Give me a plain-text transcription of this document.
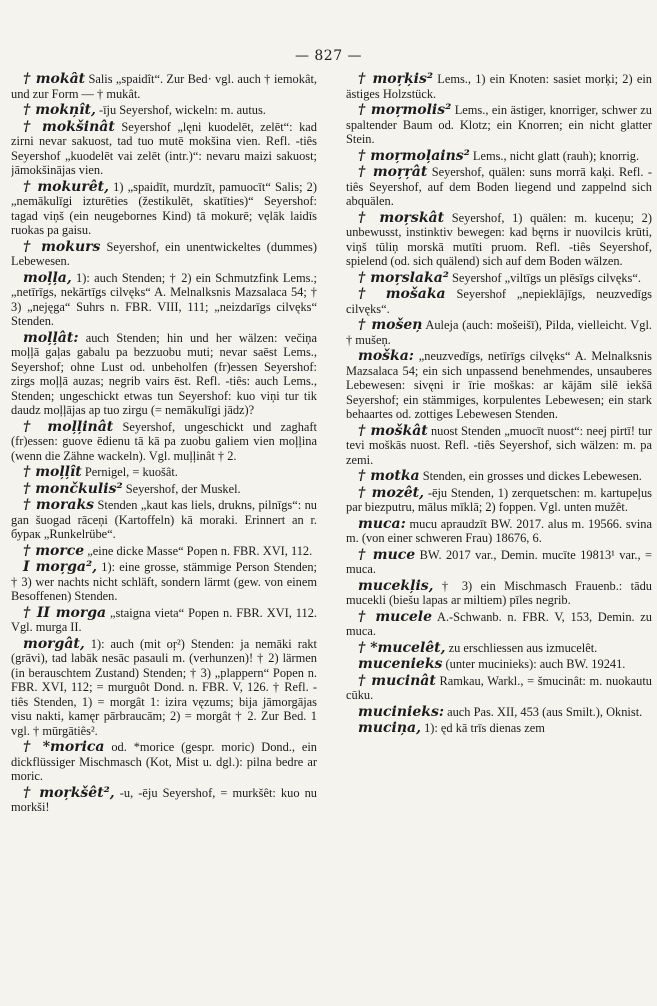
— 827 —

† mokât Salis „spaidît“. Zur Bed· vgl. auch † iemokât, und zur Form — † mukât.

† mokņît, -īju Seyershof, wickeln: m. autus.

† mokšinât Seyershof „lęni kuodelēt, zelēt“: kad zirni nevar sakuost, tad tuo mutē mokšina vien. Refl. -tiês Seyershof „kuodelēt vai zelēt (intr.)“: nevaru maizi sakuost; jāmokšinājas vien.

† mokurêt, 1) „spaidīt, murdzīt, pamuocīt“ Salis; 2) „nemākulīgi izturēties (žestikulēt, skatīties)“ Seyershof: tagad viņš (ein neugebornes Kind) tā mokurē; vęlāk laidīs ruokas pa gaisu.

† mokurs Seyershof, ein unentwickeltes (dummes) Lebewesen.

moļļa, 1): auch Stenden; † 2) ein Schmutzfink Lems.; „netīrīgs, nekārtīgs cilvęks“ A. Melnalksnis Mazsalaca 54; † 3) „nejęga“ Suhrs n. FBR. VIII, 111; „neizdarīgs cilvęks“ Stenden.

moļļât: auch Stenden; hin und her wälzen: večiņa moļļā gaļas gabalu pa bezzuobu muti; nevar saēst Lems., Seyershof; ohne Lust od. unbeholfen (fr)essen Seyershof: zirgs moļļā auzas; negrib vairs ēst. Refl. -tiês: auch Lems., Stenden; ungeschickt etwas tun Seyershof: kuo viņi tur tik daudz moļļājas ap tuo zirgu (= nemākulīgi jādz)?

† moļļinât Seyershof, ungeschickt und zaghaft (fr)essen: guove ēdienu tā kā pa zuobu galiem vien moļļina (wenn die Zähne wackeln). Vgl. muļļinât † 2.

† moļļît Pernigel, = kuošât.

† mončkulis² Seyershof, der Muskel.

† moraks Stenden „kaut kas liels, drukns, pilnīgs“: nu gan šuogad rāceņi (Kartoffeln) kā moraki. Erinnert an r. бурак „Runkelrübe“.

† morce „eine dicke Masse“ Popen n. FBR. XVI, 112.

I moŗga², 1): eine grosse, stämmige Person Stenden; † 3) wer nachts nicht schläft, sondern lärmt (gew. von einem Besoffenen) Stenden.

† II morga „staigna vieta“ Popen n. FBR. XVI, 112. Vgl. murga II.

morgât, 1): auch (mit oŗ²) Stenden: ja nemāki rakt (grāvi), tad labāk nesāc pasauli m. (verhunzen)! † 2) lärmen (in berauschtem Zustand) Stenden; † 3) „plappern“ Popen n. FBR. XVI, 112; = murguôt Dond. n. FBR. V, 126. † Refl. -tiês Stenden, 1) = morgât 1: izira vęzums; bija jāmorgājas visu nakti, kamęr pārbraucām; 2) = morgât † 2. Zur Bed. 1 vgl. † mūrgātiês².

† *morica od. *morice (gespr. moric) Dond., ein dickflüssiger Mischmasch (Kot, Mist u. dgl.): pilna bedre ar moric.

† moŗkšêt², -u, -ēju Seyershof, = murkšêt: kuo nu morkši!

† moŗķis² Lems., 1) ein Knoten: sasiet morķi; 2) ein ästiges Holzstück.

† moŗmolis² Lems., ein ästiger, knorriger, schwer zu spaltender Baum od. Klotz; ein Knorren; ein nicht glatter Stein.

† moŗmoļains² Lems., nicht glatt (rauh); knorrig.

† moŗŗât Seyershof, quälen: suns morrā kaķi. Refl. -tiês Seyershof, auf dem Boden liegend und zappelnd sich abquälen.

† moŗskât Seyershof, 1) quälen: m. kuceņu; 2) unbewusst, instinktiv bewegen: kad bęrns ir nuovilcis krūti, viņš tūliņ morskā mutīti pruom. Refl. -tiês Seyershof, spielend (od. sich quälend) sich auf dem Boden wälzen.

† moŗslaka² Seyershof „viltīgs un plēsīgs cilvęks“.

† mošaka Seyershof „nepieklājīgs, neuzvedīgs cilvęks“.

† mošeņ Auleja (auch: mošeišī), Pilda, vielleicht. Vgl. † mušeņ.

moška: „neuzvedīgs, netīrīgs cilvęks“ A. Melnalksnis Mazsalaca 54; ein sich unpassend benehmendes, unsauberes Lebewesen: sivęni ir īrie moškas: ar kājām silē iekšā Seyershof; ein stämmiges, korpulentes Lebewesen; ein stark behaartes od. zottiges Lebewesen Stenden.

† moškât nuost Stenden „muocīt nuost“: neej pirtī! tur tevi moškās nuost. Refl. -tiês Seyershof, sich wälzen: m. pa zemi.

† motka Stenden, ein grosses und dickes Lebewesen.

† mozêt, -ēju Stenden, 1) zerquetschen: m. kartupeļus par biezputru, mālus mīklā; 2) foppen. Vgl. unten mužêt.

muca: mucu apraudzīt BW. 2017. alus m. 19566. svina m. (von einer schweren Frau) 18676, 6.

† muce BW. 2017 var., Demin. mucīte 19813¹ var., = muca.

mucekl̦is, † 3) ein Mischmasch Frauenb.: tādu mucekli (biešu lapas ar miltiem) pīles negrib.

† mucele A.-Schwanb. n. FBR. V, 153, Demin. zu muca.

† *mucelêt, zu erschliessen aus izmucelêt.

mucenieks (unter mucinieks): auch BW. 19241.

† mucinât Ramkau, Warkl., = šmucinât: m. nuokautu cūku.

mucinieks: auch Pas. XII, 453 (aus Smilt.), Oknist.

muciņa, 1): ęd kā trīs dienas zem
